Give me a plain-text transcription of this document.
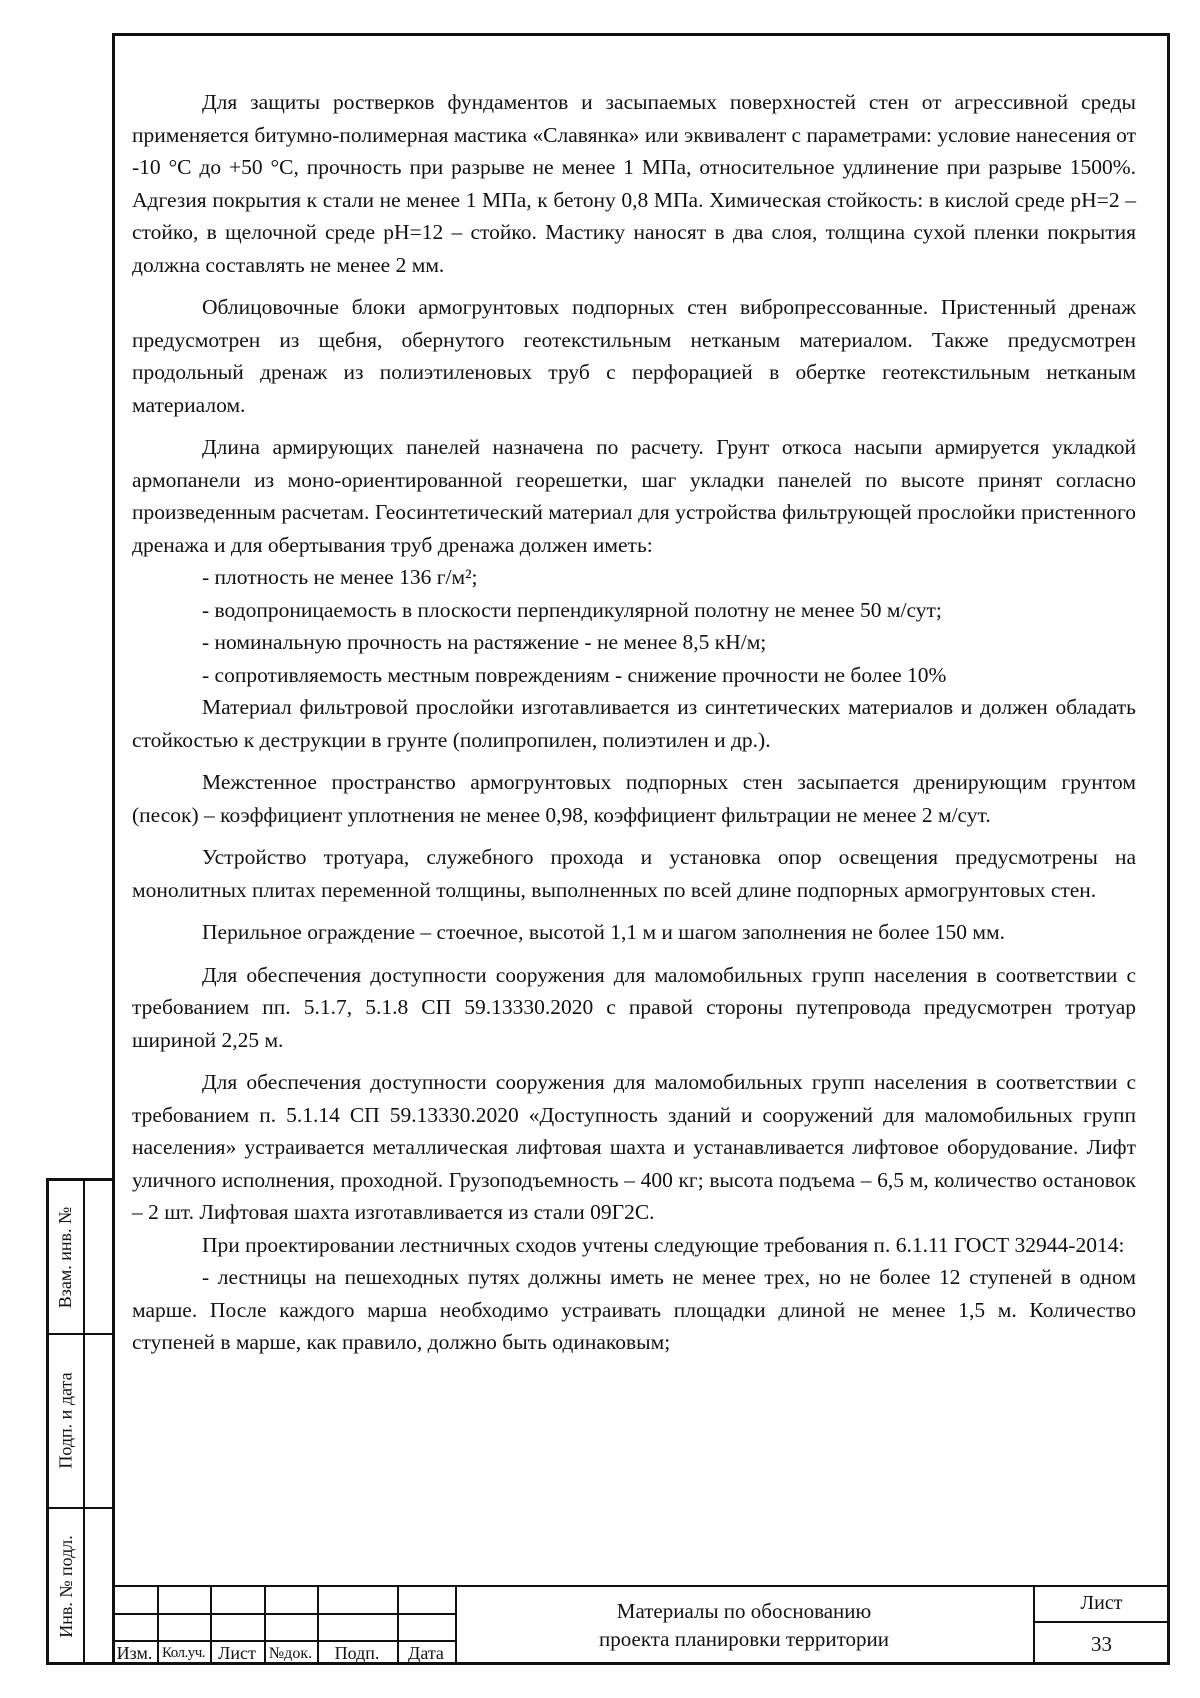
Для защиты ростверков фундаментов и засыпаемых поверхностей стен от агрессивной среды применяется битумно-полимерная мастика «Славянка» или эквивалент с параметрами: условие нанесения от -10 °С до +50 °С, прочность при разрыве не менее 1 МПа, относительное удлинение при разрыве 1500%. Адгезия покрытия к стали не менее 1 МПа, к бетону 0,8 МПа. Химическая стойкость: в кислой среде pH=2 – стойко, в щелочной среде pH=12 – стойко. Мастику наносят в два слоя, толщина сухой пленки покрытия должна составлять не менее 2 мм.

Облицовочные блоки армогрунтовых подпорных стен вибропрессованные. Пристенный дренаж предусмотрен из щебня, обернутого геотекстильным нетканым материалом. Также предусмотрен продольный дренаж из полиэтиленовых труб с перфорацией в обертке геотекстильным нетканым материалом.

Длина армирующих панелей назначена по расчету. Грунт откоса насыпи армируется укладкой армопанели из моно-ориентированной георешетки, шаг укладки панелей по высоте принят согласно произведенным расчетам. Геосинтетический материал для устройства фильтрующей прослойки пристенного дренажа и для обертывания труб дренажа должен иметь:

- плотность не менее 136 г/м²;

- водопроницаемость в плоскости перпендикулярной полотну не менее 50 м/сут;

- номинальную прочность на растяжение - не менее 8,5 кН/м;

- сопротивляемость местным повреждениям - снижение прочности не более 10%

Материал фильтровой прослойки изготавливается из синтетических материалов и должен обладать стойкостью к деструкции в грунте (полипропилен, полиэтилен и др.).

Межстенное пространство армогрунтовых подпорных стен засыпается дренирующим грунтом (песок) – коэффициент уплотнения не менее 0,98, коэффициент фильтрации не менее 2 м/сут.

Устройство тротуара, служебного прохода и установка опор освещения предусмотрены на монолитных плитах переменной толщины, выполненных по всей длине подпорных армогрунтовых стен.

Перильное ограждение – стоечное, высотой 1,1 м и шагом заполнения не более 150 мм.

Для обеспечения доступности сооружения для маломобильных групп населения в соответствии с требованием пп. 5.1.7, 5.1.8 СП 59.13330.2020 с правой стороны путепровода предусмотрен тротуар шириной 2,25 м.

Для обеспечения доступности сооружения для маломобильных групп населения в соответствии с требованием п. 5.1.14 СП 59.13330.2020 «Доступность зданий и сооружений для маломобильных групп населения» устраивается металлическая лифтовая шахта и устанавливается лифтовое оборудование. Лифт уличного исполнения, проходной. Грузоподъемность – 400 кг; высота подъема – 6,5 м, количество остановок – 2 шт. Лифтовая шахта изготавливается из стали 09Г2С.

При проектировании лестничных сходов учтены следующие требования п. 6.1.11 ГОСТ 32944-2014:

- лестницы на пешеходных путях должны иметь не менее трех, но не более 12 ступеней в одном марше. После каждого марша необходимо устраивать площадки длиной не менее 1,5 м. Количество ступеней в марше, как правило, должно быть одинаковым;

Взам. инв. №
Подп. и дата
Инв. № подл.
Изм. Кол.уч. Лист №док.	Подп.	Дата
Материалы по обоснованию
проекта планировки территории
Лист
33
